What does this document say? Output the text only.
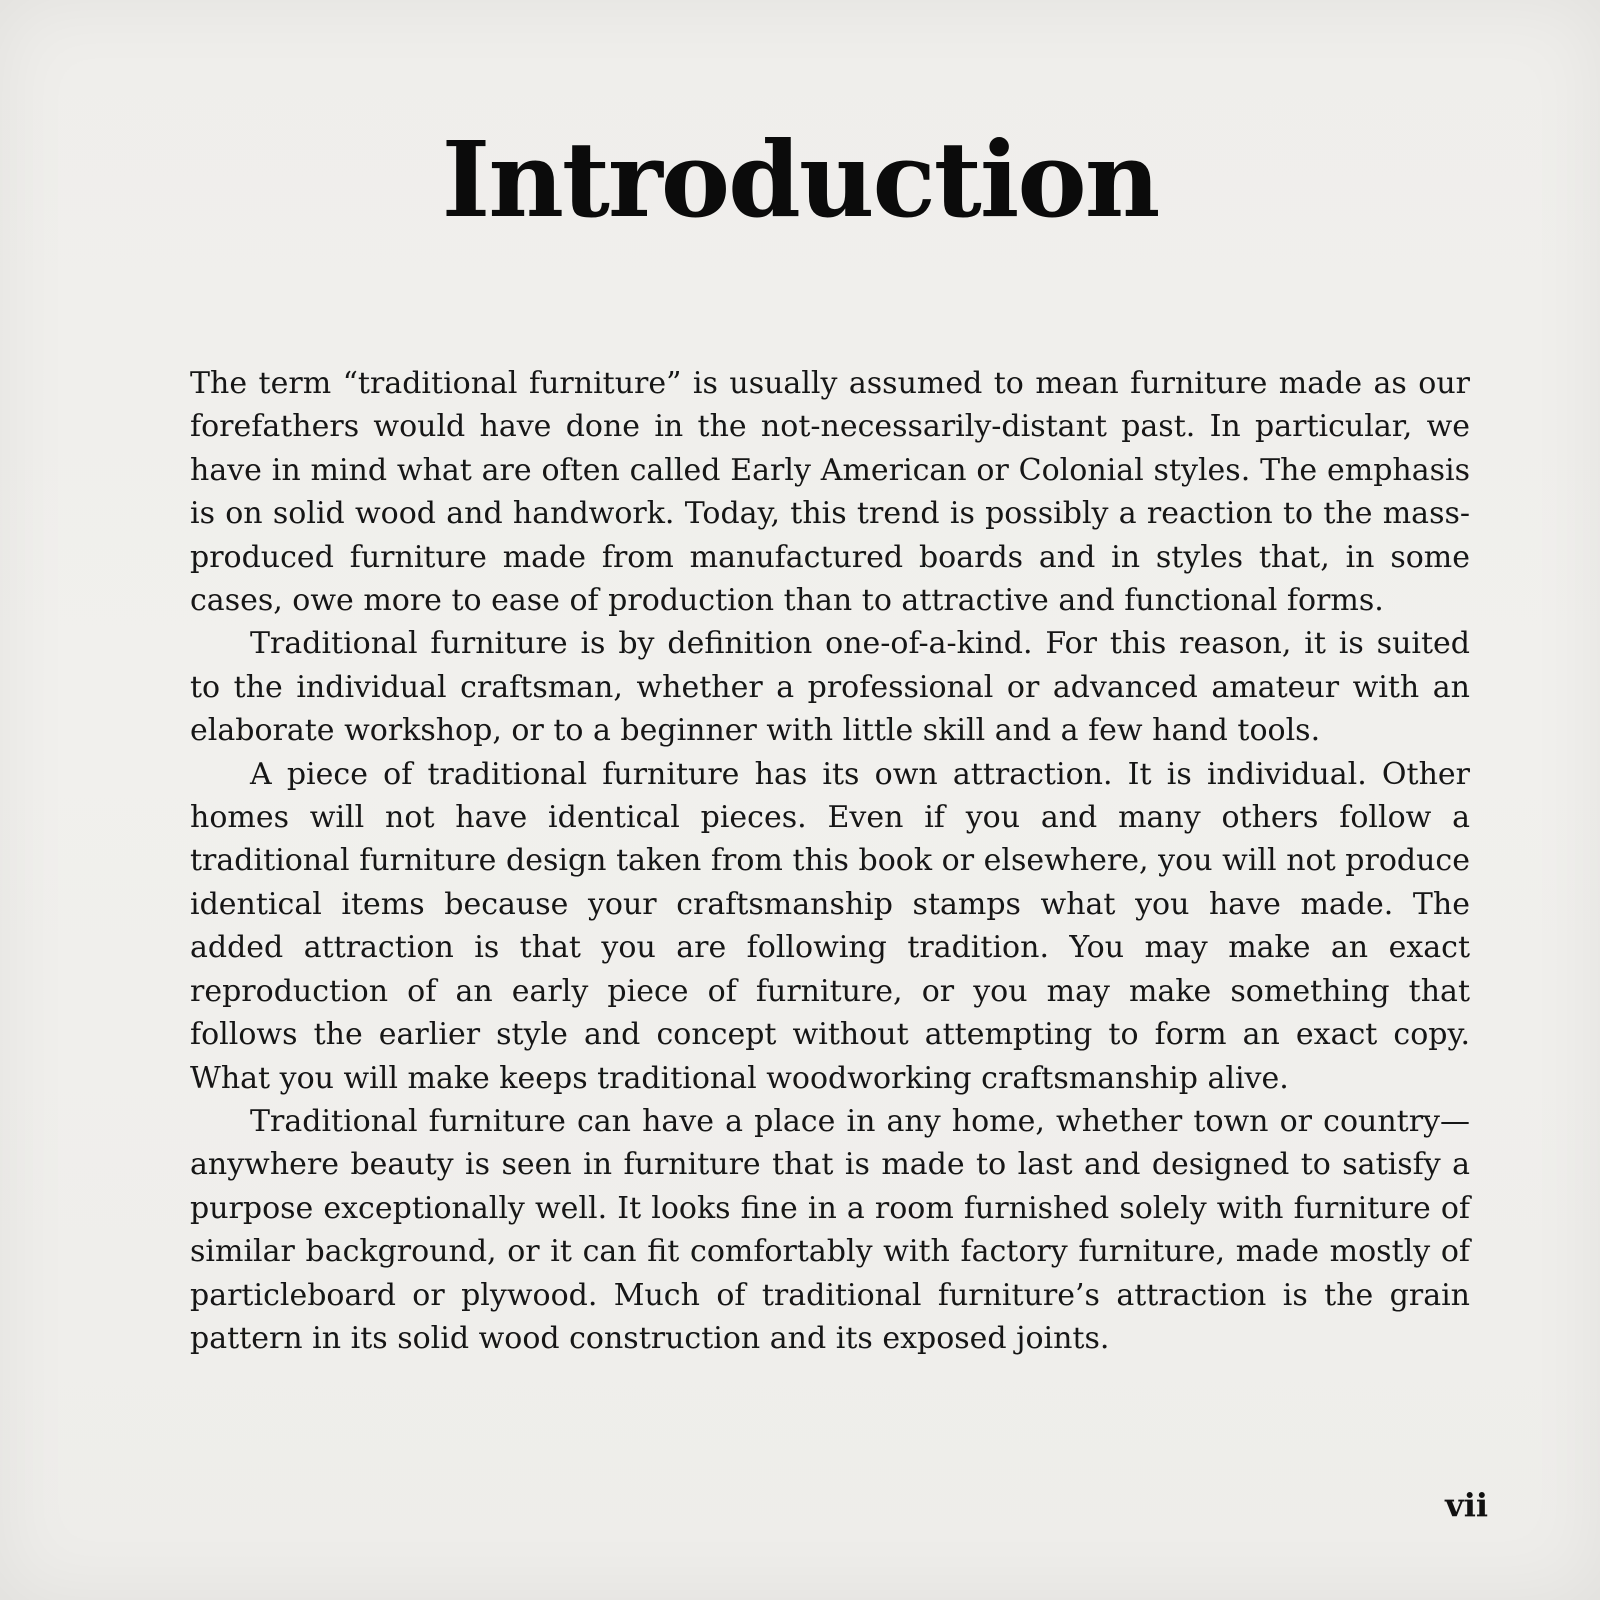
Introduction

The term “traditional furniture” is usually assumed to mean furniture made as our forefathers would have done in the not-necessarily-distant past. In particular, we have in mind what are often called Early American or Colonial styles. The emphasis is on solid wood and handwork. Today, this trend is possibly a reaction to the mass-produced furniture made from manufactured boards and in styles that, in some cases, owe more to ease of production than to attractive and functional forms.

Traditional furniture is by definition one-of-a-kind. For this reason, it is suited to the individual craftsman, whether a professional or advanced amateur with an elaborate workshop, or to a beginner with little skill and a few hand tools.

A piece of traditional furniture has its own attraction. It is individual. Other homes will not have identical pieces. Even if you and many others follow a traditional furniture design taken from this book or elsewhere, you will not produce identical items because your craftsmanship stamps what you have made. The added attraction is that you are following tradition. You may make an exact reproduction of an early piece of furniture, or you may make something that follows the earlier style and concept without attempting to form an exact copy. What you will make keeps traditional woodworking craftsmanship alive.

Traditional furniture can have a place in any home, whether town or country—anywhere beauty is seen in furniture that is made to last and designed to satisfy a purpose exceptionally well. It looks fine in a room furnished solely with furniture of similar background, or it can fit comfortably with factory furniture, made mostly of particleboard or plywood. Much of traditional furniture’s attraction is the grain pattern in its solid wood construction and its exposed joints.

vii
